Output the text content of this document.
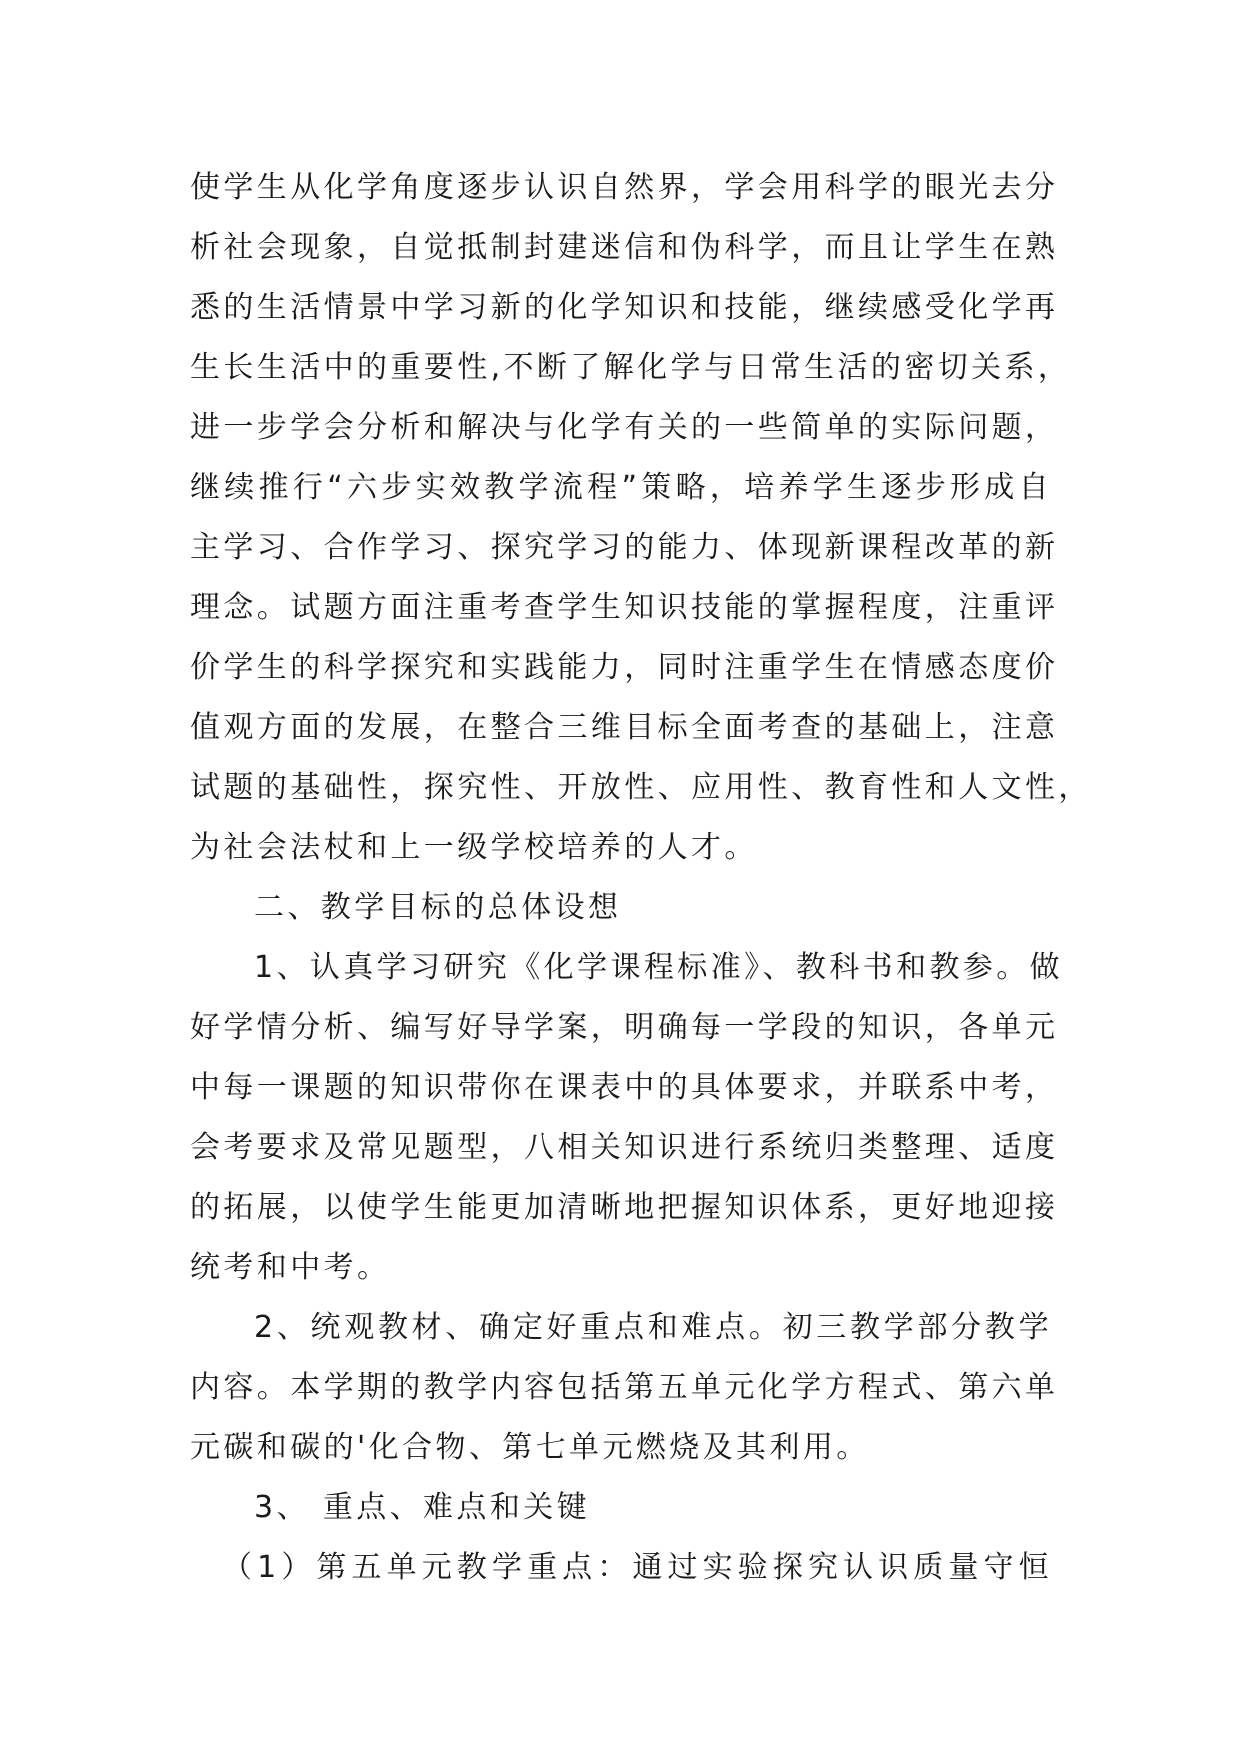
使学生从化学角度逐步认识自然界，学会用科学的眼光去分
析社会现象，自觉抵制封建迷信和伪科学，而且让学生在熟
悉的生活情景中学习新的化学知识和技能，继续感受化学再
生长生活中的重要性,不断了解化学与日常生活的密切关系，
进一步学会分析和解决与化学有关的一些简单的实际问题，
继续推行“六步实效教学流程”策略，培养学生逐步形成自
主学习、合作学习、探究学习的能力、体现新课程改革的新
理念。试题方面注重考查学生知识技能的掌握程度，注重评
价学生的科学探究和实践能力，同时注重学生在情感态度价
值观方面的发展，在整合三维目标全面考查的基础上，注意
试题的基础性，探究性、开放性、应用性、教育性和人文性，
为社会法杖和上一级学校培养的人才。
二、教学目标的总体设想
1、认真学习研究《化学课程标准》、教科书和教参。做
好学情分析、编写好导学案，明确每一学段的知识，各单元
中每一课题的知识带你在课表中的具体要求，并联系中考，
会考要求及常见题型，八相关知识进行系统归类整理、适度
的拓展，以使学生能更加清晰地把握知识体系，更好地迎接
统考和中考。
2、统观教材、确定好重点和难点。初三教学部分教学
内容。本学期的教学内容包括第五单元化学方程式、第六单
元碳和碳的'化合物、第七单元燃烧及其利用。
3、 重点、难点和关键
（1）第五单元教学重点：通过实验探究认识质量守恒
